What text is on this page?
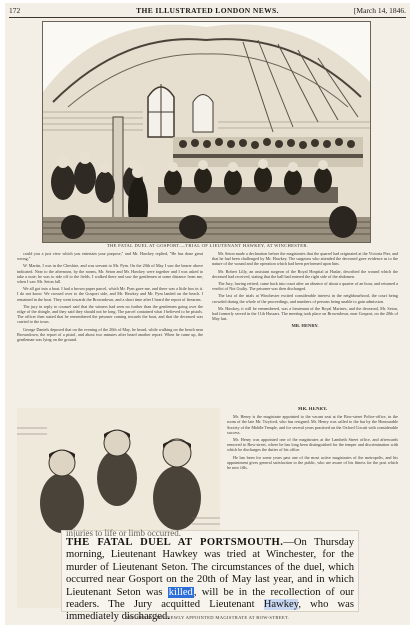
172	THE ILLUSTRATED LONDON NEWS.	[March 14, 1846.
THE FATAL DUEL AT GOSPORT.—TRIAL OF LIEUTENANT HAWKEY, AT WINCHESTER.

could you a just view which you entertain your purpose," and Mr. Hawkey replied, "He has done great wrong."

W. Martin, I was in the Cheshire, and was servant to Mr. Pym. On the 20th of May I saw the bearer above indicated. Near to the afternoon, by the rooms, Mr. Seton and Mr. Hawkey were together and I was asked to take a note; he was to ride off to the fields. I walked there and saw the gentlemen at some distance from me, when I saw Mr. Seton fall.

We all got into a boat. I had a brown paper parcel, which Mr. Pym gave me, and there was a little box in it. I do not know. We crossed over to the Gosport side, and Mr. Hawkey and Mr. Pym landed on the beach. I remained in the boat. They went towards the Browndown, and a short time after I heard the report of firearms.

The jury in reply to counsel said that the witness had seen no further than the gentlemen going over the ridge of the shingle, and they said they should not be long. The parcel contained what I believed to be pistols. The officer then stated that he remembered the prisoner coming towards the boat, and that the deceased was carried to the town.

George Daniels deposed that on the evening of the 20th of May, he heard, while walking on the beach near Browndown, the report of a pistol, and about two minutes after heard another report. When he came up, the gentleman was lying on the ground.

Mr. Seton made a declaration before the magistrates that the quarrel had originated at the Victoria Pier, and that he had been challenged by Mr. Hawkey. The surgeons who attended the deceased gave evidence as to the nature of the wound and the operation which had been performed upon him.

Mr. Robert Lilly, an assistant surgeon of the Royal Hospital at Haslar, described the wound which the deceased had received, stating that the ball had entered the right side of the abdomen.

The Jury, having retired, came back into court after an absence of about a quarter of an hour, and returned a verdict of Not Guilty. The prisoner was then discharged.

The last of the trials at Winchester excited considerable interest in the neighbourhood, the court being crowded during the whole of the proceedings, and numbers of persons being unable to gain admission.

Mr. Hawkey, it will be remembered, was a lieutenant of the Royal Marines, and the deceased, Mr. Seton, had formerly served in the 11th Hussars. The meeting took place on Browndown, near Gosport, on the 20th of May last.

MR. HENRY.

MR. HENRY.

Mr. Henry is the magistrate appointed to the vacant seat at the Bow-street Police-office, in the room of the late Mr. Twyford, who has resigned. Mr. Henry was called to the bar by the Honourable Society of the Middle Temple, and for several years practised on the Oxford Circuit with considerable success.

Mr. Henry was appointed one of the magistrates at the Lambeth Street office, and afterwards removed to Bow-street, where he has long been distinguished for the temper and discrimination with which he discharges the duties of his office.

He has been for some years past one of the most active magistrates of the metropolis, and his appointment gives general satisfaction to the public, who are aware of his fitness for the post which he now fills.

injuries to life or limb occurred.
THE FATAL DUEL AT PORTSMOUTH.—On Thursday morning, Lieutenant Hawkey was tried at Winchester, for the murder of Lieutenant Seton. The circumstances of the duel, which occurred near Gosport on the 20th of May last year, and in which Lieutenant Seton was killed, will be in the recollection of our readers. The Jury acquitted Lieutenant Hawkey, who was immediately discharged.
MR. HENRY, THE NEWLY APPOINTED MAGISTRATE AT BOW-STREET.
